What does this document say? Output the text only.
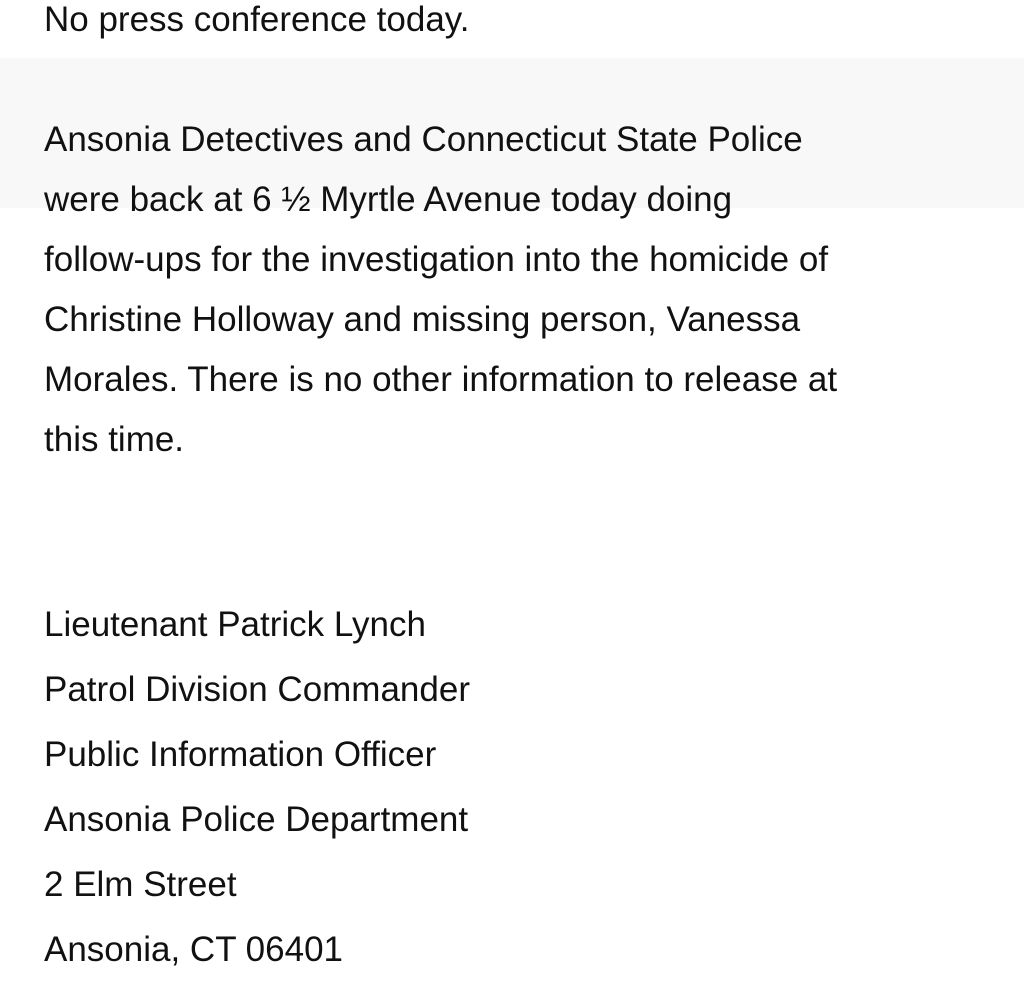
No press conference today.
Ansonia Detectives and Connecticut State Police
were back at 6 ½ Myrtle Avenue today doing
follow-ups for the investigation into the homicide of
Christine Holloway and missing person, Vanessa
Morales. There is no other information to release at
this time.
Lieutenant Patrick Lynch
Patrol Division Commander
Public Information Officer
Ansonia Police Department
2 Elm Street
Ansonia, CT 06401
